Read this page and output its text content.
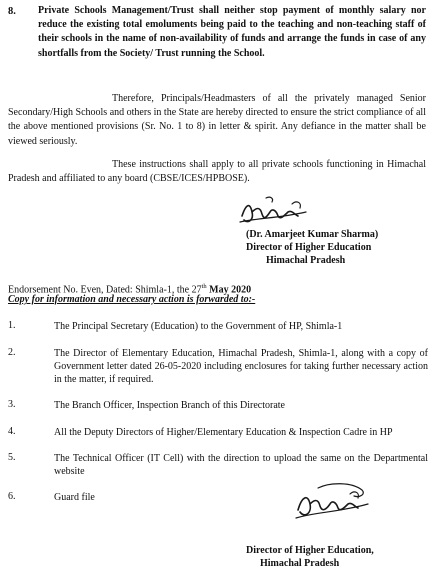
8. Private Schools Management/Trust shall neither stop payment of monthly salary nor reduce the existing total emoluments being paid to the teaching and non-teaching staff of their schools in the name of non-availability of funds and arrange the funds in case of any shortfalls from the Society/ Trust running the School.
Therefore, Principals/Headmasters of all the privately managed Senior Secondary/High Schools and others in the State are hereby directed to ensure the strict compliance of all the above mentioned provisions (Sr. No. 1 to 8) in letter & spirit. Any defiance in the matter shall be viewed seriously.
These instructions shall apply to all private schools functioning in Himachal Pradesh and affiliated to any board (CBSE/ICES/HPBOSE).
(Dr. Amarjeet Kumar Sharma)
Director of Higher Education
Himachal Pradesh
Endorsement No. Even, Dated: Shimla-1, the 27th May 2020
Copy for information and necessary action is forwarded to:-
1.	The Principal Secretary (Education) to the Government of HP, Shimla-1
2.	The Director of Elementary Education, Himachal Pradesh, Shimla-1, along with a copy of Government letter dated 26-05-2020 including enclosures for taking further necessary action in the matter, if required.
3.	The Branch Officer, Inspection Branch of this Directorate
4.	All the Deputy Directors of Higher/Elementary Education & Inspection Cadre in HP
5.	The Technical Officer (IT Cell) with the direction to upload the same on the Departmental website
6.	Guard file
Director of Higher Education,
Himachal Pradesh
